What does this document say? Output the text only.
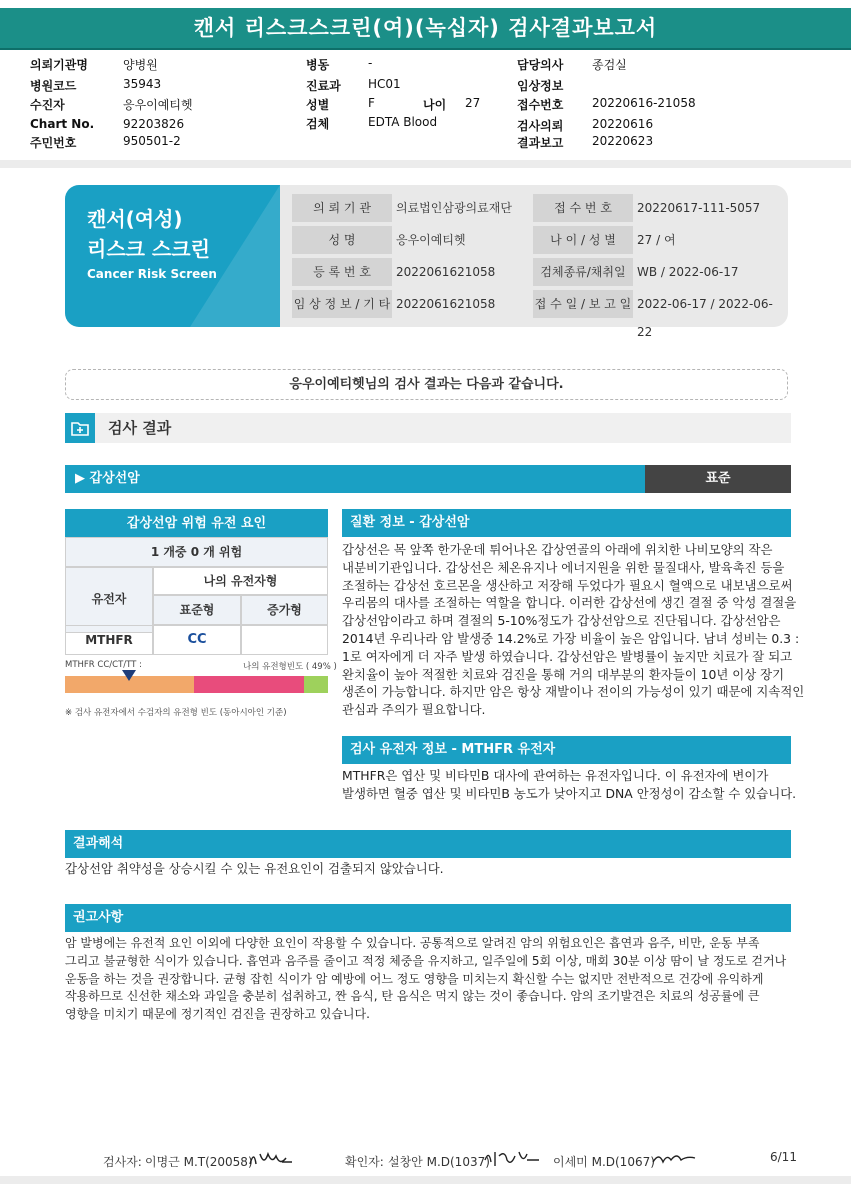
캔서 리스크스크린(여)(녹십자) 검사결과보고서
의뢰기관명	양병원
병원코드	35943
수진자	응우이예티헷
Chart No. 92203826
주민번호	950501-2
병동	-
진료과 HC01
성별	F	나이 27
검체	EDTA Blood
담당의사 종검실
임상정보
접수번호 20220616-21058
검사의뢰 20220616
결과보고 20220623
캔서(여성)
리스크 스크린
Cancer Risk Screen
의 뢰 기 관	의료법인삼광의료재단	접 수 번 호	20220617-111-5057
성 명	응우이예티헷	나 이 / 성 별	27 / 여
등 록 번 호	2022061621058	검체종류/채취일 WB / 2022-06-17
임 상 정 보 / 기 타 2022061621058	접 수 일 / 보 고 일 2022-06-17 / 2022-06-22
응우이예티헷님의 검사 결과는 다음과 같습니다.
검사 결과
▶ 갑상선암	표준
갑상선암 위험 유전 요인
1 개중 0 개 위험
유전자
나의 유전자형
표준형	증가형
MTHFR	CC
MTHFR CC/CT/TT :	나의 유전형빈도 ( 49% )
※ 검사 유전자에서 수검자의 유전형 빈도 (동아시아인 기준)
질환 정보 - 갑상선암
갑상선은 목 앞쪽 한가운데 튀어나온 갑상연골의 아래에 위치한 나비모양의 작은
내분비기관입니다. 갑상선은 체온유지나 에너지원을 위한 물질대사, 발육촉진 등을
조절하는 갑상선 호르몬을 생산하고 저장해 두었다가 필요시 혈액으로 내보냄으로써
우리몸의 대사를 조절하는 역할을 합니다. 이러한 갑상선에 생긴 결절 중 악성 결절을
갑상선암이라고 하며 결절의 5-10%정도가 갑상선암으로 진단됩니다. 갑상선암은
2014년 우리나라 암 발생중 14.2%로 가장 비율이 높은 암입니다. 남녀 성비는 0.3 :
1로 여자에게 더 자주 발생 하였습니다. 갑상선암은 발병률이 높지만 치료가 잘 되고
완치율이 높아 적절한 치료와 검진을 통해 거의 대부분의 환자들이 10년 이상 장기
생존이 가능합니다. 하지만 암은 항상 재발이나 전이의 가능성이 있기 때문에 지속적인
관심과 주의가 필요합니다.
검사 유전자 정보 - MTHFR 유전자
MTHFR은 엽산 및 비타민B 대사에 관여하는 유전자입니다. 이 유전자에 변이가
발생하면 혈중 엽산 및 비타민B 농도가 낮아지고 DNA 안정성이 감소할 수 있습니다.
결과해석
갑상선암 취약성을 상승시킬 수 있는 유전요인이 검출되지 않았습니다.
권고사항
암 발병에는 유전적 요인 이외에 다양한 요인이 작용할 수 있습니다. 공통적으로 알려진 암의 위험요인은 흡연과 음주, 비만, 운동 부족
그리고 불균형한 식이가 있습니다. 흡연과 음주를 줄이고 적정 체중을 유지하고, 일주일에 5회 이상, 매회 30분 이상 땀이 날 정도로 걷거나
운동을 하는 것을 권장합니다. 균형 잡힌 식이가 암 예방에 어느 정도 영향을 미치는지 확신할 수는 없지만 전반적으로 건강에 유익하게
작용하므로 신선한 채소와 과일을 충분히 섭취하고, 짠 음식, 탄 음식은 먹지 않는 것이 좋습니다. 암의 조기발견은 치료의 성공률에 큰
영향을 미치기 때문에 정기적인 검진을 권장하고 있습니다.
검사자: 이명근 M.T(20058)	확인자: 설창안 M.D(1037)	이세미 M.D(1067)	6/11
